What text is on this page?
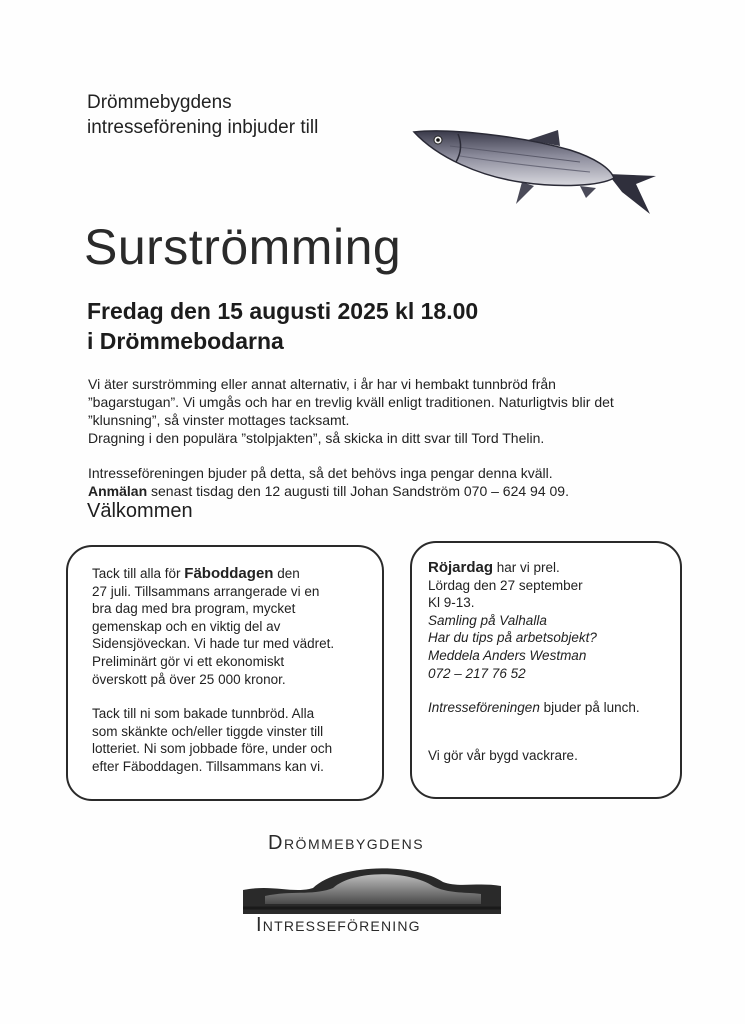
Drömmebygdens
intresseförening inbjuder till
Surströmming
Fredag den 15 augusti 2025 kl 18.00
i Drömmebodarna

Vi äter surströmming eller annat alternativ, i år har vi hembakt tunnbröd från

”bagarstugan”. Vi umgås och har en trevlig kväll enligt traditionen. Naturligtvis blir det

”klunsning”, så vinster mottages tacksamt.

Dragning i den populära ”stolpjakten”, så skicka in ditt svar till Tord Thelin.

Intresseföreningen bjuder på detta, så det behövs inga pengar denna kväll.

Anmälan senast tisdag den 12 augusti till Johan Sandström 070 – 624 94 09.

Välkommen

Tack till alla för Fäboddagen den

27 juli. Tillsammans arrangerade vi en

bra dag med bra program, mycket

gemenskap och en viktig del av

Sidensjöveckan. Vi hade tur med vädret.

Preliminärt gör vi ett ekonomiskt

överskott på över 25 000 kronor.

Tack till ni som bakade tunnbröd. Alla

som skänkte och/eller tiggde vinster till

lotteriet. Ni som jobbade före, under och

efter Fäboddagen. Tillsammans kan vi.

Röjardag har vi prel.

Lördag den 27 september

Kl 9-13.

Samling på Valhalla

Har du tips på arbetsobjekt?

Meddela Anders Westman

072 – 217 76 52

Intresseföreningen bjuder på lunch.

Vi gör vår bygd vackrare.

Drömmebygdens
Intresseförening
